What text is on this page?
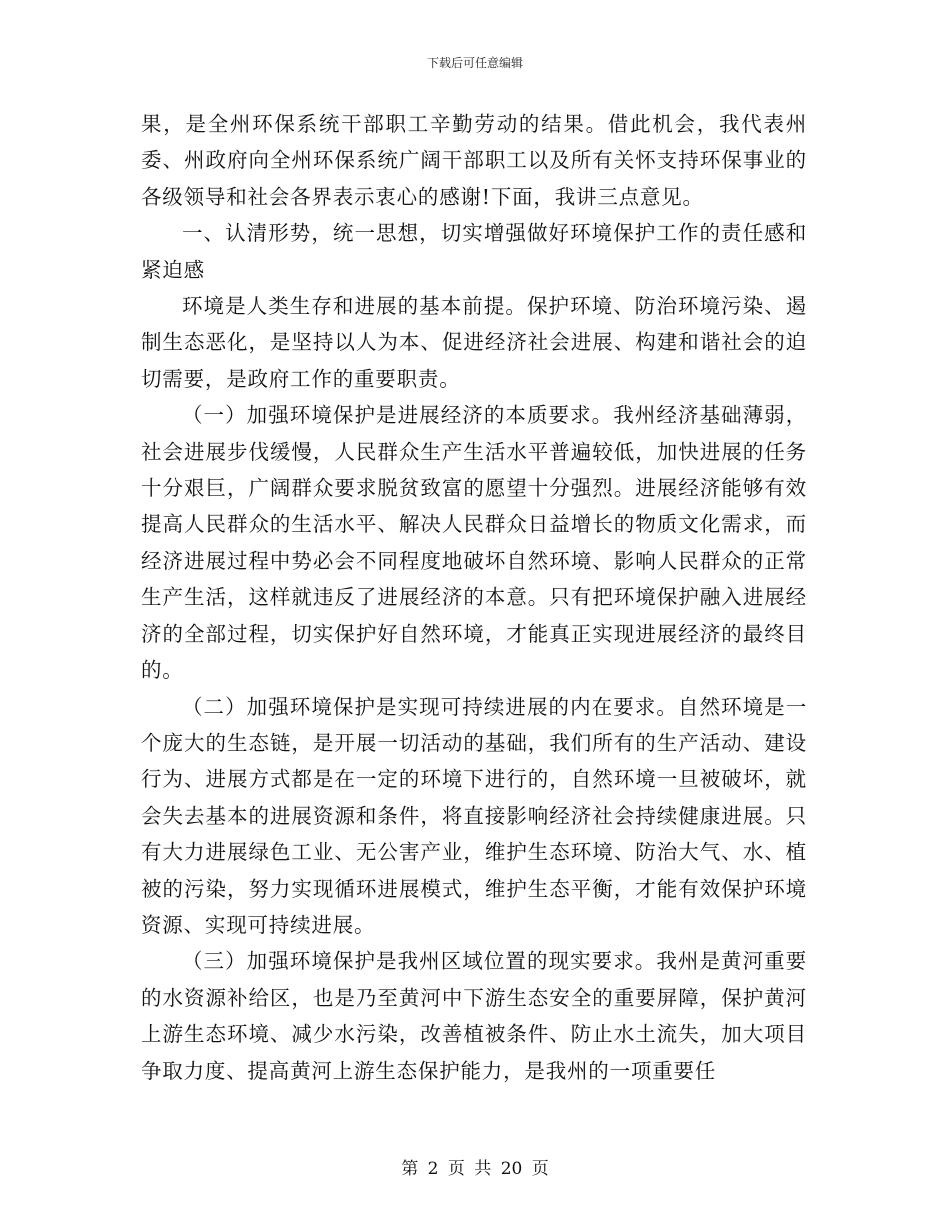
下载后可任意编辑

果，是全州环保系统干部职工辛勤劳动的结果。借此机会，我代表州委、州政府向全州环保系统广阔干部职工以及所有关怀支持环保事业的各级领导和社会各界表示衷心的感谢!下面，我讲三点意见。

一、认清形势，统一思想，切实增强做好环境保护工作的责任感和紧迫感

环境是人类生存和进展的基本前提。保护环境、防治环境污染、遏制生态恶化，是坚持以人为本、促进经济社会进展、构建和谐社会的迫切需要，是政府工作的重要职责。

（一）加强环境保护是进展经济的本质要求。我州经济基础薄弱，社会进展步伐缓慢，人民群众生产生活水平普遍较低，加快进展的任务十分艰巨，广阔群众要求脱贫致富的愿望十分强烈。进展经济能够有效提高人民群众的生活水平、解决人民群众日益增长的物质文化需求，而经济进展过程中势必会不同程度地破坏自然环境、影响人民群众的正常生产生活，这样就违反了进展经济的本意。只有把环境保护融入进展经济的全部过程，切实保护好自然环境，才能真正实现进展经济的最终目的。

（二）加强环境保护是实现可持续进展的内在要求。自然环境是一个庞大的生态链，是开展一切活动的基础，我们所有的生产活动、建设行为、进展方式都是在一定的环境下进行的，自然环境一旦被破坏，就会失去基本的进展资源和条件，将直接影响经济社会持续健康进展。只有大力进展绿色工业、无公害产业，维护生态环境、防治大气、水、植被的污染，努力实现循环进展模式，维护生态平衡，才能有效保护环境资源、实现可持续进展。

（三）加强环境保护是我州区域位置的现实要求。我州是黄河重要的水资源补给区，也是乃至黄河中下游生态安全的重要屏障，保护黄河上游生态环境、减少水污染，改善植被条件、防止水土流失，加大项目争取力度、提高黄河上游生态保护能力，是我州的一项重要任

第 2 页 共 20 页
